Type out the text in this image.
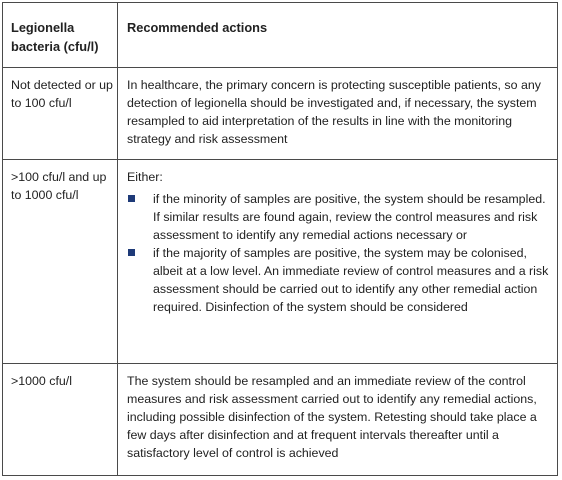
Legionella bacteria (cfu/l)
Recommended actions
Not detected or up to 100 cfu/l
In healthcare, the primary concern is protecting susceptible patients, so any detection of legionella should be investigated and, if necessary, the system resampled to aid interpretation of the results in line with the monitoring strategy and risk assessment
>100 cfu/l and up to 1000 cfu/l
Either:
if the minority of samples are positive, the system should be resampled. If similar results are found again, review the control measures and risk assessment to identify any remedial actions necessary or
if the majority of samples are positive, the system may be colonised, albeit at a low level. An immediate review of control measures and a risk assessment should be carried out to identify any other remedial action required. Disinfection of the system should be considered
>1000 cfu/l	The system should be resampled and an immediate review of the control measures and risk assessment carried out to identify any remedial actions, including possible disinfection of the system. Retesting should take place a few days after disinfection and at frequent intervals thereafter until a satisfactory level of control is achieved
